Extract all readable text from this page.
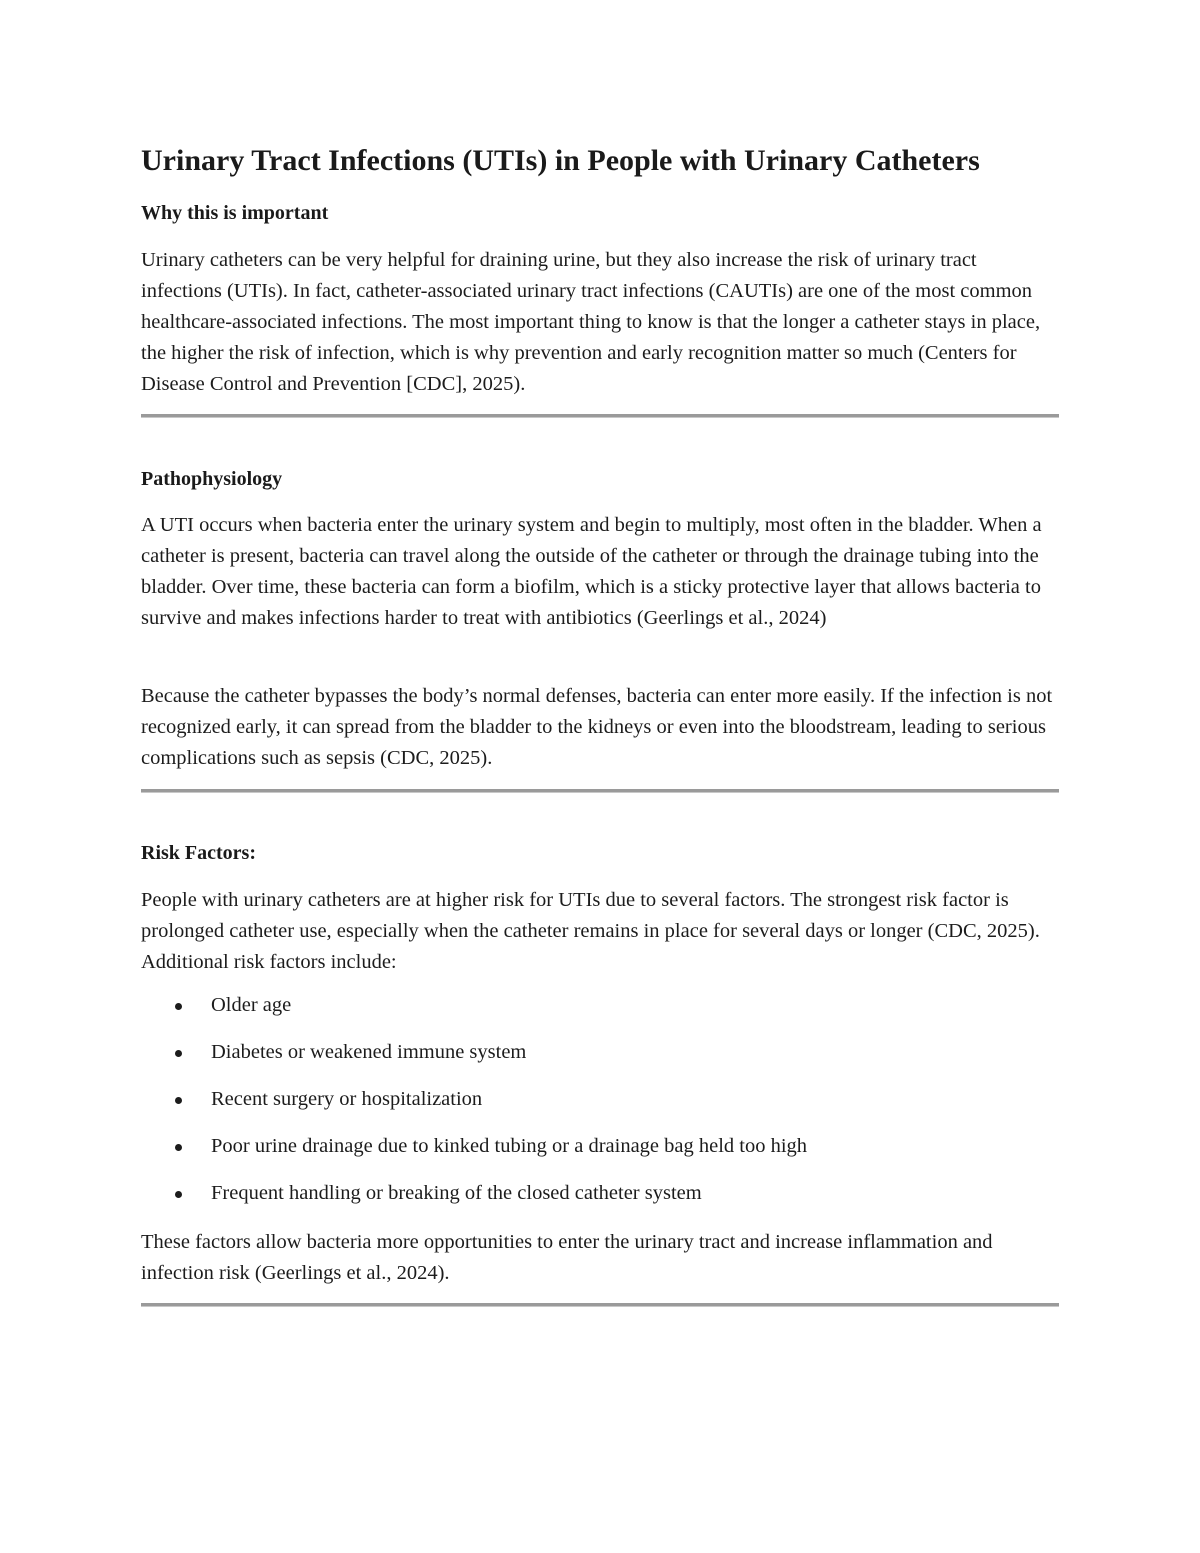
Urinary Tract Infections (UTIs) in People with Urinary Catheters
Why this is important

Urinary catheters can be very helpful for draining urine, but they also increase the risk of urinary tract infections (UTIs). In fact, catheter-associated urinary tract infections (CAUTIs) are one of the most common healthcare-associated infections. The most important thing to know is that the longer a catheter stays in place, the higher the risk of infection, which is why prevention and early recognition matter so much (Centers for Disease Control and Prevention [CDC], 2025).

Pathophysiology

A UTI occurs when bacteria enter the urinary system and begin to multiply, most often in the bladder. When a catheter is present, bacteria can travel along the outside of the catheter or through the drainage tubing into the bladder. Over time, these bacteria can form a biofilm, which is a sticky protective layer that allows bacteria to survive and makes infections harder to treat with antibiotics (Geerlings et al., 2024)

Because the catheter bypasses the body’s normal defenses, bacteria can enter more easily. If the infection is not recognized early, it can spread from the bladder to the kidneys or even into the bloodstream, leading to serious complications such as sepsis (CDC, 2025).

Risk Factors:

People with urinary catheters are at higher risk for UTIs due to several factors. The strongest risk factor is prolonged catheter use, especially when the catheter remains in place for several days or longer (CDC, 2025). Additional risk factors include:

Older age
Diabetes or weakened immune system
Recent surgery or hospitalization
Poor urine drainage due to kinked tubing or a drainage bag held too high
Frequent handling or breaking of the closed catheter system

These factors allow bacteria more opportunities to enter the urinary tract and increase inflammation and infection risk (Geerlings et al., 2024).
